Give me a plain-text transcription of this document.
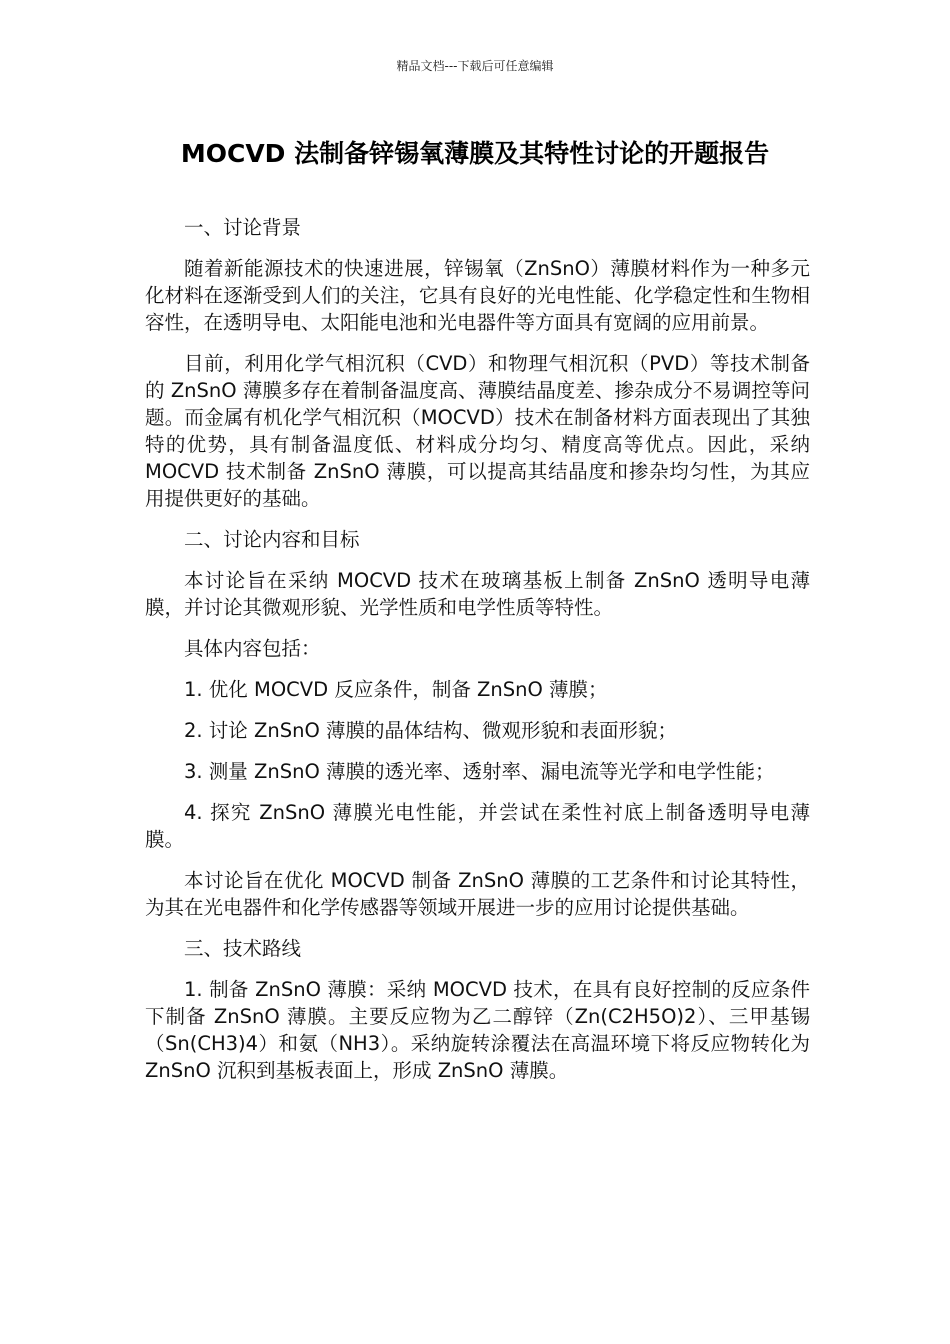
精品文档---下载后可任意编辑
MOCVD 法制备锌锡氧薄膜及其特性讨论的开题报告

一、讨论背景

随着新能源技术的快速进展，锌锡氧（ZnSnO）薄膜材料作为一种多元化材料在逐渐受到人们的关注，它具有良好的光电性能、化学稳定性和生物相容性，在透明导电、太阳能电池和光电器件等方面具有宽阔的应用前景。

目前，利用化学气相沉积（CVD）和物理气相沉积（PVD）等技术制备的 ZnSnO 薄膜多存在着制备温度高、薄膜结晶度差、掺杂成分不易调控等问题。而金属有机化学气相沉积（MOCVD）技术在制备材料方面表现出了其独特的优势，具有制备温度低、材料成分均匀、精度高等优点。因此，采纳 MOCVD 技术制备 ZnSnO 薄膜，可以提高其结晶度和掺杂均匀性，为其应用提供更好的基础。

二、讨论内容和目标

本讨论旨在采纳 MOCVD 技术在玻璃基板上制备 ZnSnO 透明导电薄膜，并讨论其微观形貌、光学性质和电学性质等特性。

具体内容包括：

1. 优化 MOCVD 反应条件，制备 ZnSnO 薄膜；

2. 讨论 ZnSnO 薄膜的晶体结构、微观形貌和表面形貌；

3. 测量 ZnSnO 薄膜的透光率、透射率、漏电流等光学和电学性能；

4. 探究 ZnSnO 薄膜光电性能，并尝试在柔性衬底上制备透明导电薄膜。

本讨论旨在优化 MOCVD 制备 ZnSnO 薄膜的工艺条件和讨论其特性，为其在光电器件和化学传感器等领域开展进一步的应用讨论提供基础。

三、技术路线

1. 制备 ZnSnO 薄膜：采纳 MOCVD 技术，在具有良好控制的反应条件下制备 ZnSnO 薄膜。主要反应物为乙二醇锌（Zn(C2H5O)2）、三甲基锡（Sn(CH3)4）和氨（NH3）。采纳旋转涂覆法在高温环境下将反应物转化为 ZnSnO 沉积到基板表面上，形成 ZnSnO 薄膜。
